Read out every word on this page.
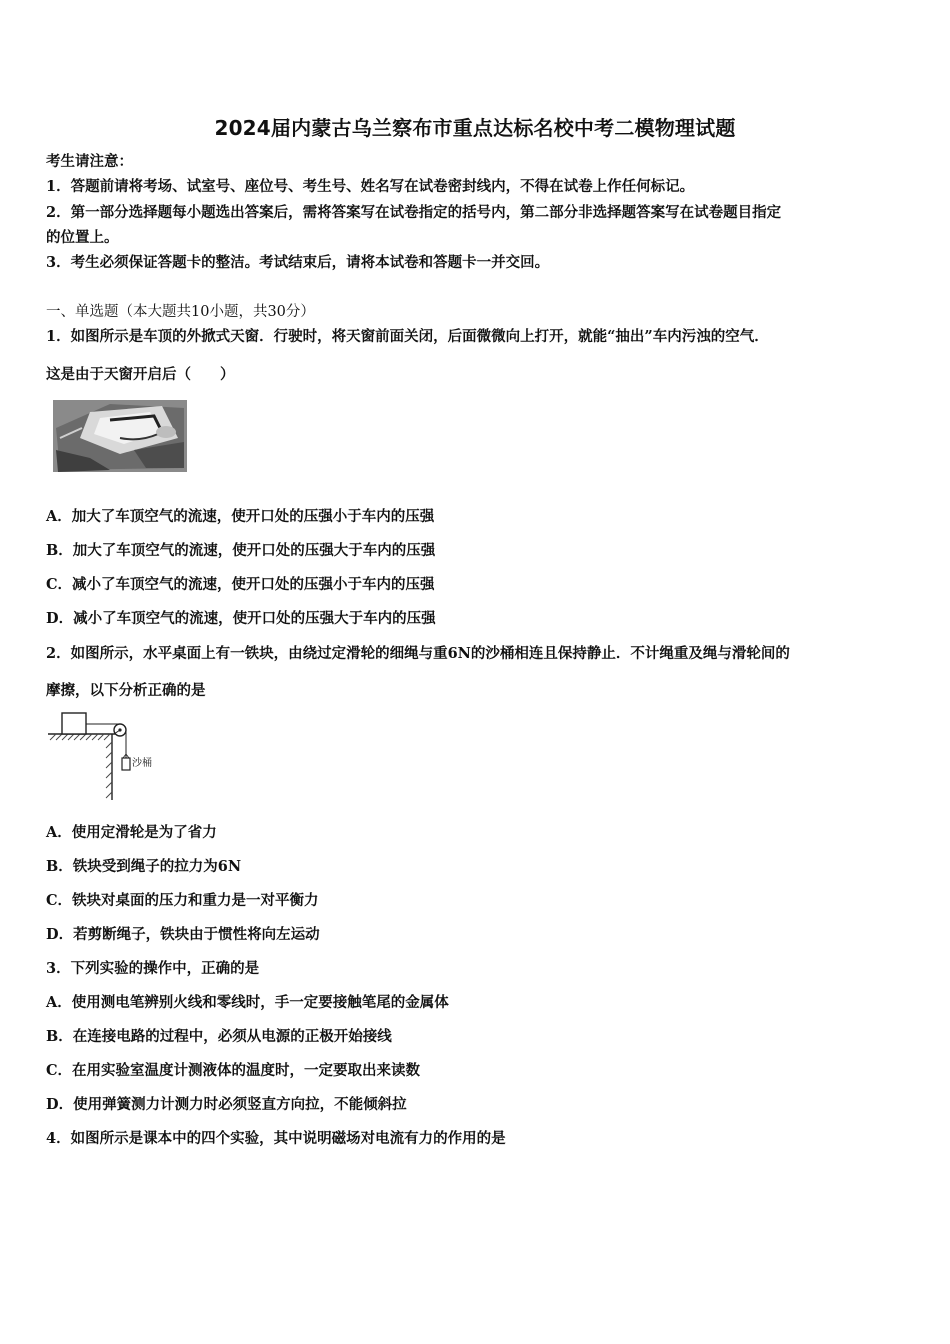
2024届内蒙古乌兰察布市重点达标名校中考二模物理试题
考生请注意：
1．答题前请将考场、试室号、座位号、考生号、姓名写在试卷密封线内，不得在试卷上作任何标记。
2．第一部分选择题每小题选出答案后，需将答案写在试卷指定的括号内，第二部分非选择题答案写在试卷题目指定
的位置上。
3．考生必须保证答题卡的整洁。考试结束后，请将本试卷和答题卡一并交回。
一、单选题（本大题共10小题，共30分）
1．如图所示是车顶的外掀式天窗．行驶时，将天窗前面关闭，后面微微向上打开，就能“抽出”车内污浊的空气．
这是由于天窗开启后（　　）
A．加大了车顶空气的流速，使开口处的压强小于车内的压强
B．加大了车顶空气的流速，使开口处的压强大于车内的压强
C．减小了车顶空气的流速，使开口处的压强小于车内的压强
D．减小了车顶空气的流速，使开口处的压强大于车内的压强
2．如图所示，水平桌面上有一铁块，由绕过定滑轮的细绳与重6N的沙桶相连且保持静止．不计绳重及绳与滑轮间的
摩擦，以下分析正确的是
沙桶
A．使用定滑轮是为了省力
B．铁块受到绳子的拉力为6N
C．铁块对桌面的压力和重力是一对平衡力
D．若剪断绳子，铁块由于惯性将向左运动
3．下列实验的操作中，正确的是
A．使用测电笔辨别火线和零线时，手一定要接触笔尾的金属体
B．在连接电路的过程中，必须从电源的正极开始接线
C．在用实验室温度计测液体的温度时，一定要取出来读数
D．使用弹簧测力计测力时必须竖直方向拉，不能倾斜拉
4．如图所示是课本中的四个实验，其中说明磁场对电流有力的作用的是
